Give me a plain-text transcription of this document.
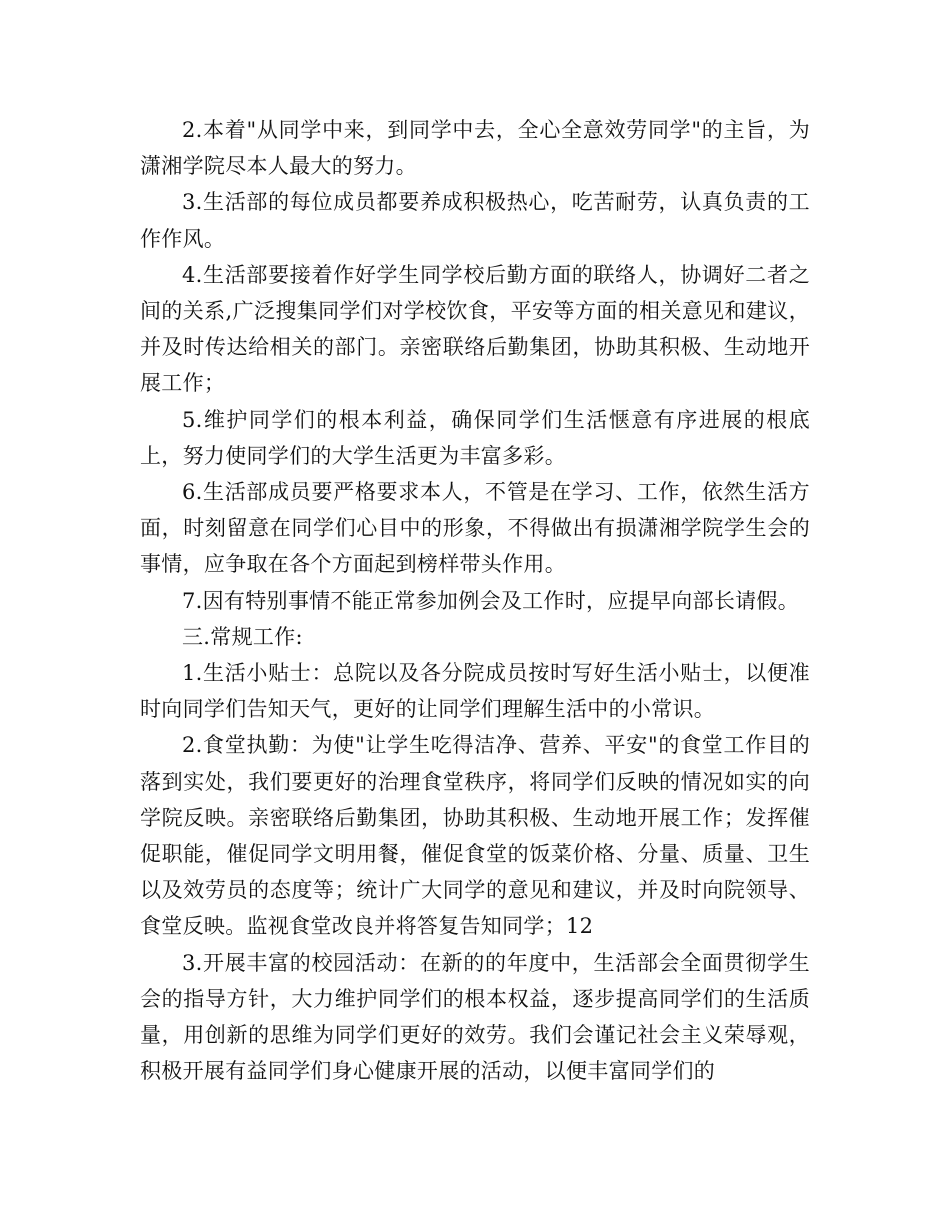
2.本着"从同学中来，到同学中去，全心全意效劳同学"的主旨，为潇湘学院尽本人最大的努力。

3.生活部的每位成员都要养成积极热心，吃苦耐劳，认真负责的工作作风。

4.生活部要接着作好学生同学校后勤方面的联络人，协调好二者之间的关系,广泛搜集同学们对学校饮食，平安等方面的相关意见和建议，并及时传达给相关的部门。亲密联络后勤集团，协助其积极、生动地开展工作；

5.维护同学们的根本利益，确保同学们生活惬意有序进展的根底上，努力使同学们的大学生活更为丰富多彩。

6.生活部成员要严格要求本人，不管是在学习、工作，依然生活方面，时刻留意在同学们心目中的形象，不得做出有损潇湘学院学生会的事情，应争取在各个方面起到榜样带头作用。

7.因有特别事情不能正常参加例会及工作时，应提早向部长请假。

三.常规工作:

1.生活小贴士：总院以及各分院成员按时写好生活小贴士，以便准时向同学们告知天气，更好的让同学们理解生活中的小常识。

2.食堂执勤：为使"让学生吃得洁净、营养、平安"的食堂工作目的落到实处，我们要更好的治理食堂秩序，将同学们反映的情况如实的向学院反映。亲密联络后勤集团，协助其积极、生动地开展工作；发挥催促职能，催促同学文明用餐，催促食堂的饭菜价格、分量、质量、卫生以及效劳员的态度等；统计广大同学的意见和建议，并及时向院领导、食堂反映。监视食堂改良并将答复告知同学；12

3.开展丰富的校园活动：在新的的年度中，生活部会全面贯彻学生会的指导方针，大力维护同学们的根本权益，逐步提高同学们的生活质量，用创新的思维为同学们更好的效劳。我们会谨记社会主义荣辱观，积极开展有益同学们身心健康开展的活动，以便丰富同学们的
